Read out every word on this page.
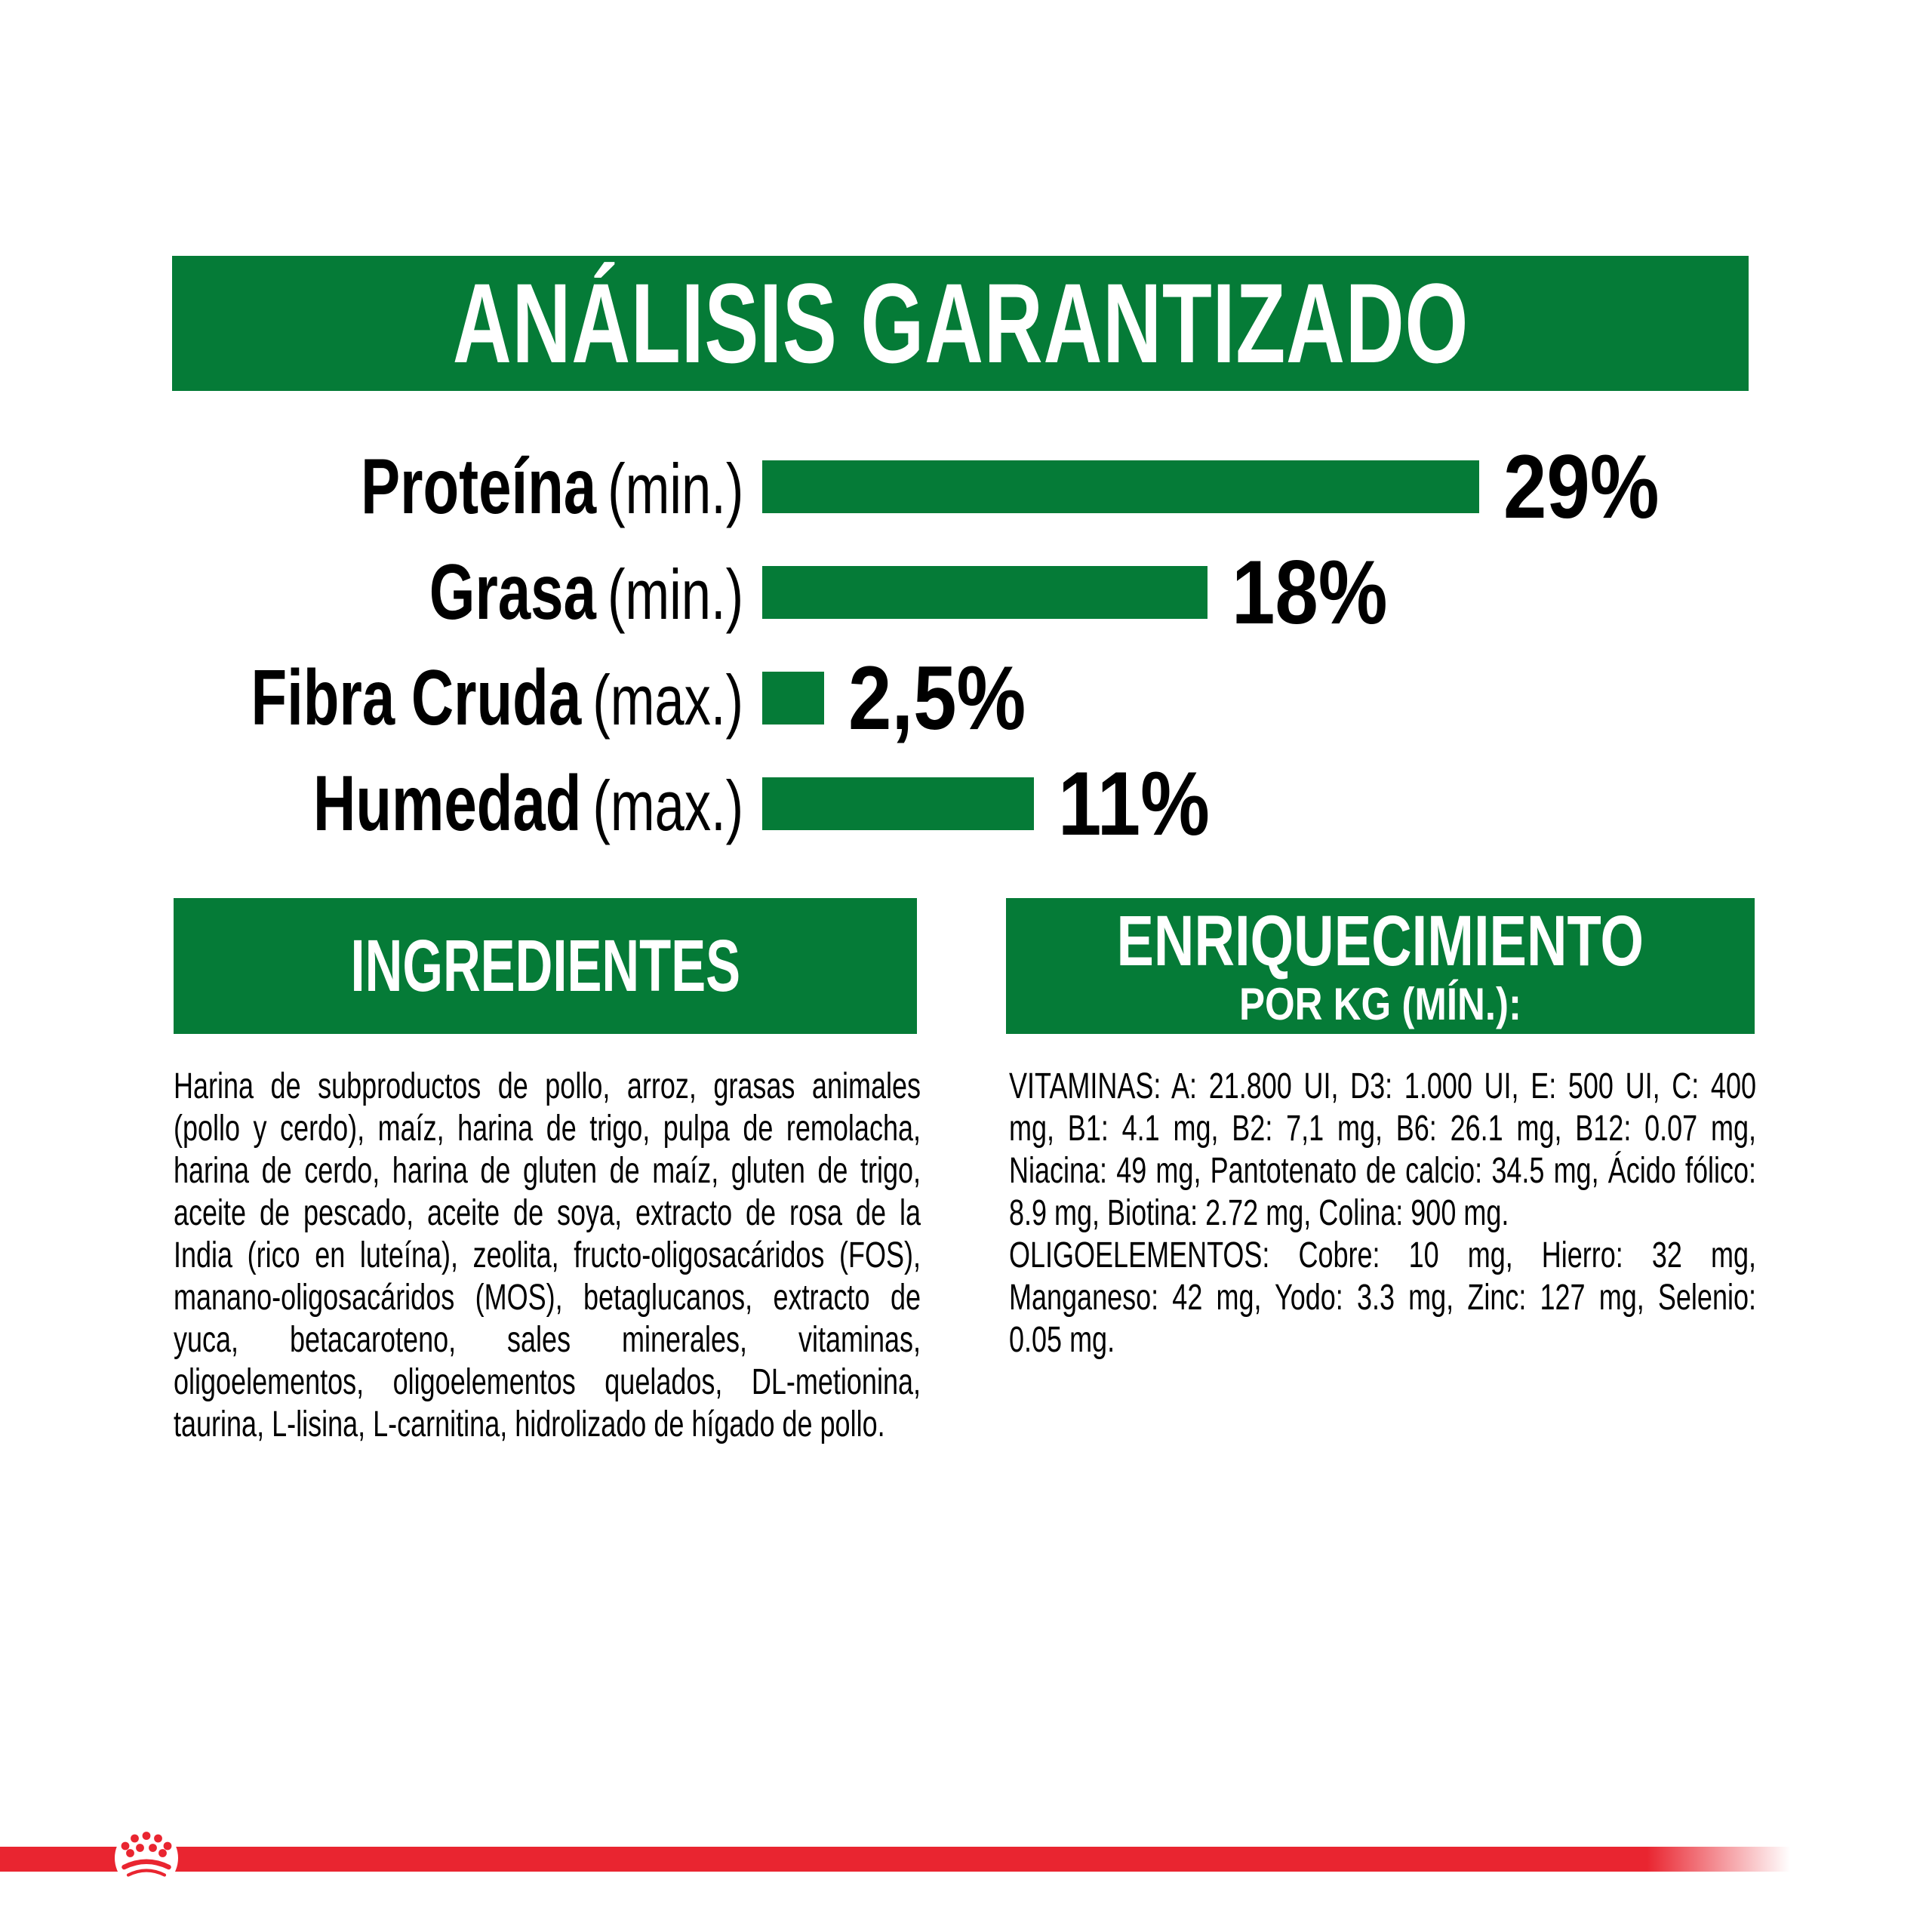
ANÁLISIS GARANTIZADO
Proteína (min.)	29%
Grasa (min.)	18%
Fibra Cruda (max.) 2,5%
Humedad (max.)	11%
INGREDIENTES

Harina de subproductos de pollo, arroz, grasas animales (pollo y cerdo), maíz, harina de trigo, pulpa de remolacha, harina de cerdo, harina de gluten de maíz, gluten de trigo, aceite de pescado, aceite de soya, extracto de rosa de la India (rico en luteína), zeolita, fructo-oligosacáridos (FOS), manano-oligosacáridos (MOS), betaglucanos, extracto de yuca, betacaroteno, sales minerales, vitaminas, oligoelementos, oligoelementos quelados, DL-metionina, taurina, L-lisina, L-carnitina, hidrolizado de hígado de pollo.

ENRIQUECIMIENTO
POR KG (MÍN.):

VITAMINAS: A: 21.800 UI, D3: 1.000 UI, E: 500 UI, C: 400 mg, B1: 4.1 mg, B2: 7,1 mg, B6: 26.1 mg, B12: 0.07 mg, Niacina: 49 mg, Pantotenato de calcio: 34.5 mg, Ácido fólico: 8.9 mg, Biotina: 2.72 mg, Colina: 900 mg.

OLIGOELEMENTOS: Cobre: 10 mg, Hierro: 32 mg, Manganeso: 42 mg, Yodo: 3.3 mg, Zinc: 127 mg, Selenio: 0.05 mg.
